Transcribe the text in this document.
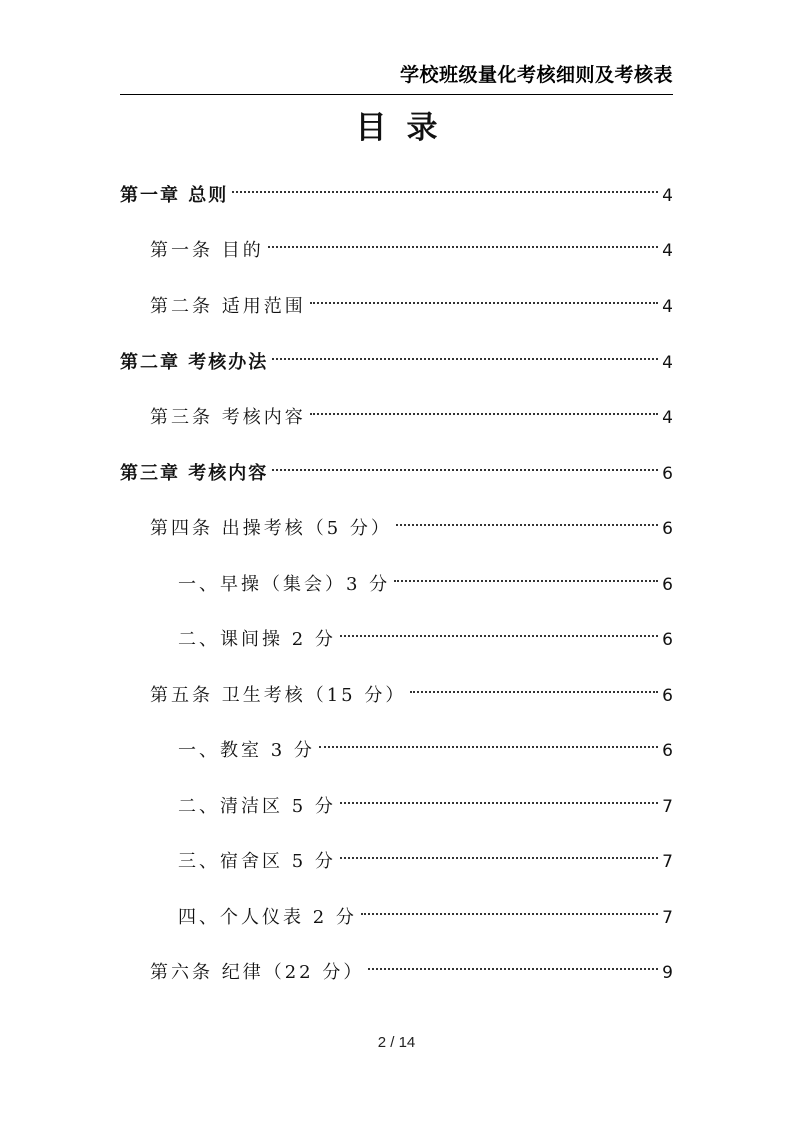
学校班级量化考核细则及考核表
目录
第一章 总则	4
第一条 目的	4
第二条 适用范围	4
第二章 考核办法	4
第三条 考核内容	4
第三章 考核内容	6
第四条 出操考核（5 分）	6
一、早操（集会）3 分	6
二、课间操 2 分	6
第五条 卫生考核（15 分）	6
一、教室 3 分	6
二、清洁区 5 分	7
三、宿舍区 5 分	7
四、个人仪表 2 分	7
第六条 纪律（22 分）	9
2 / 14
